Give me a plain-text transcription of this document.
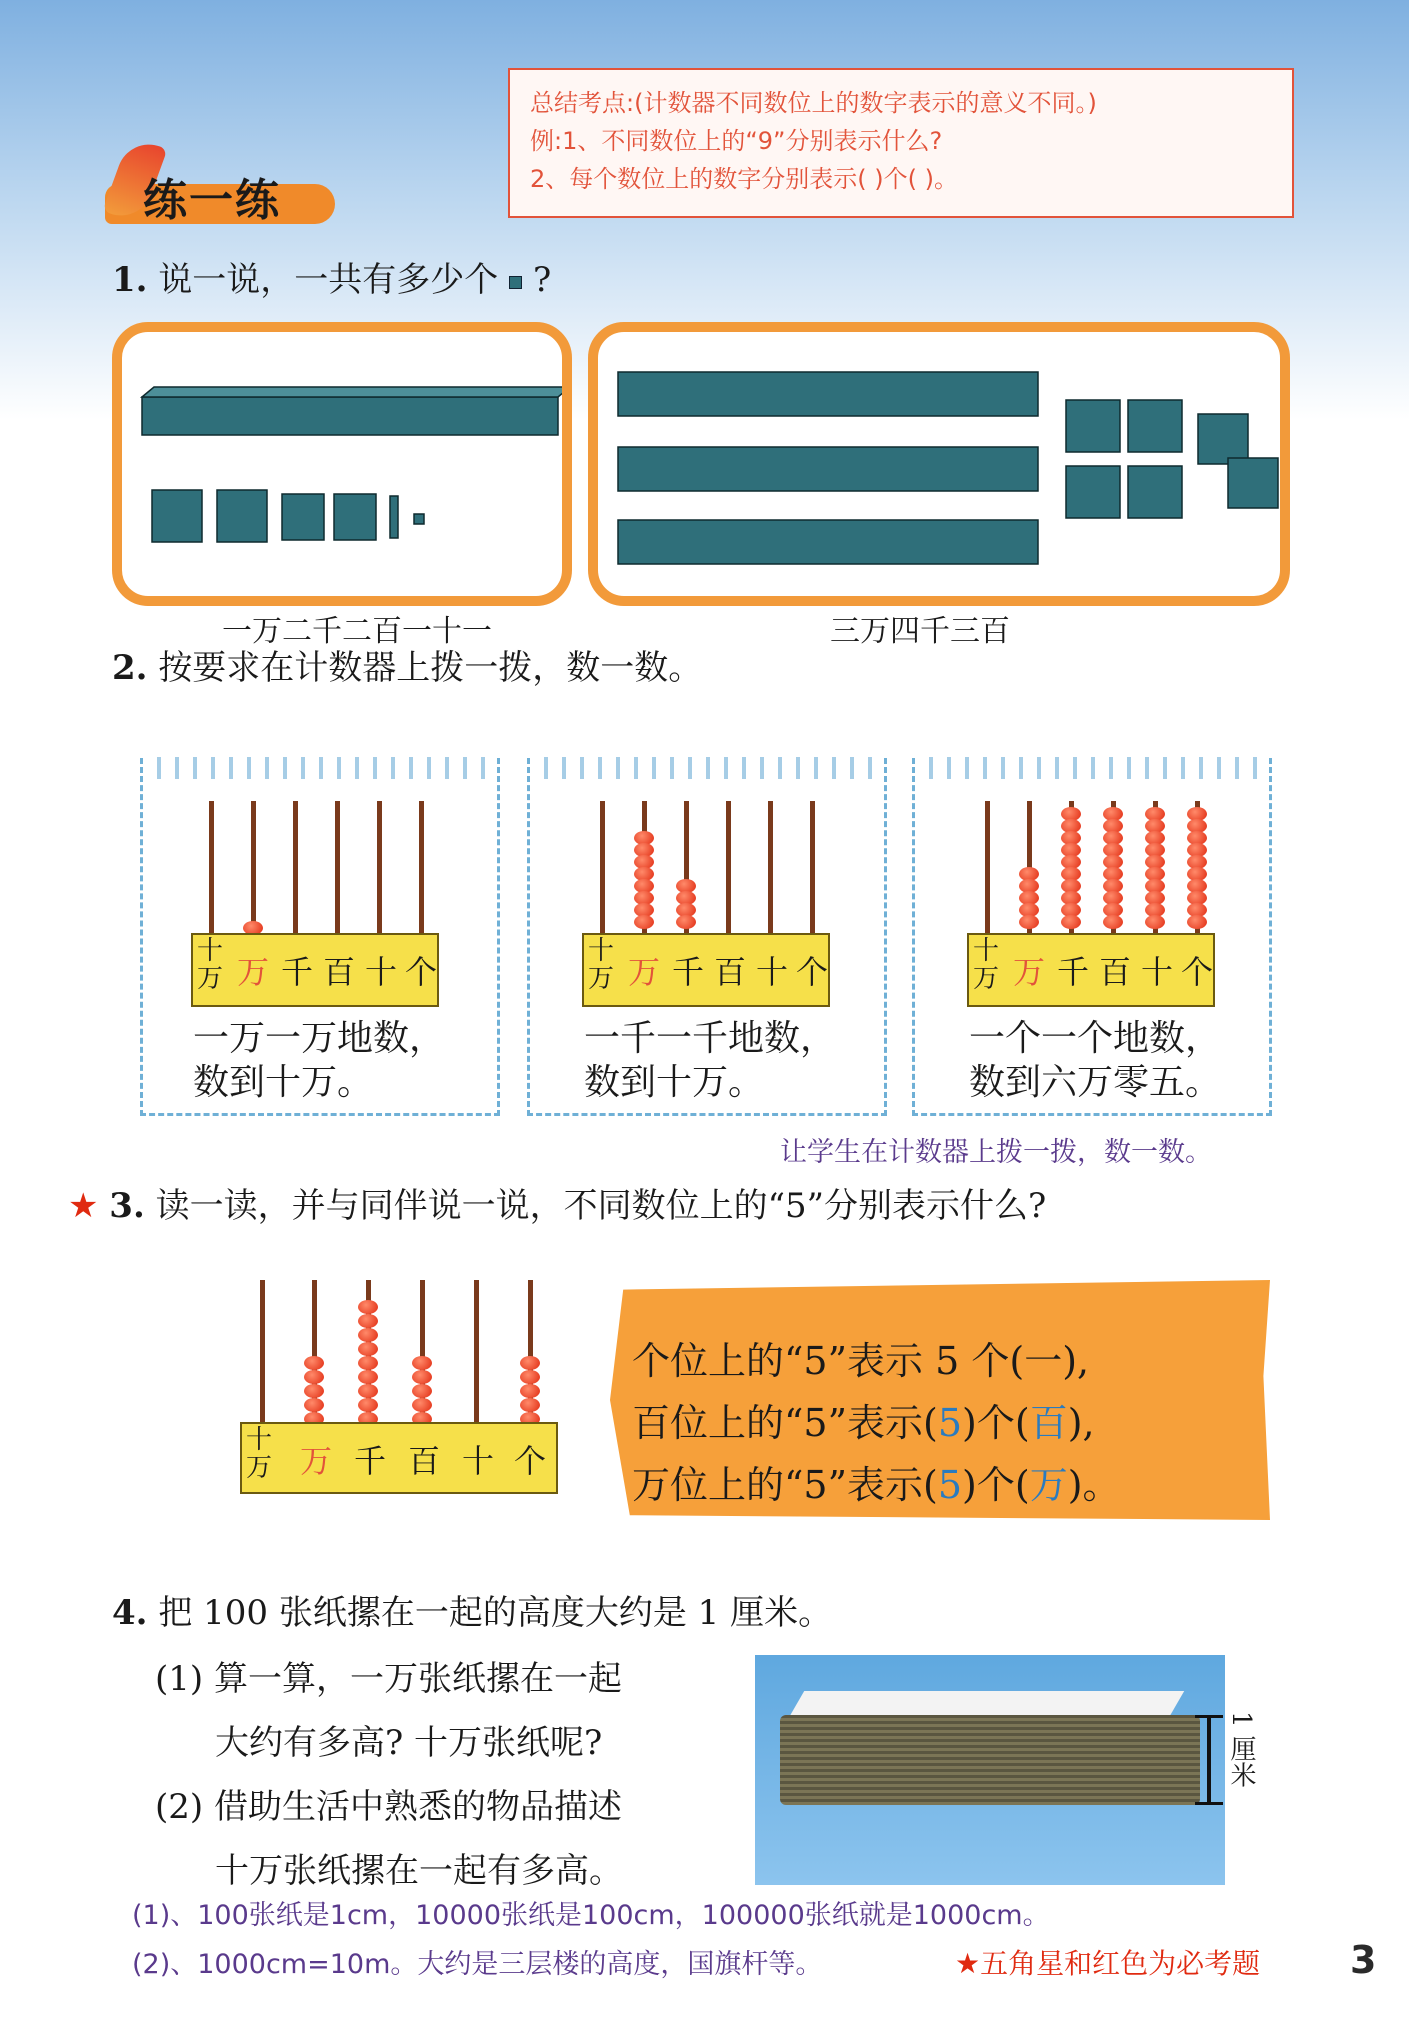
总结考点:(计数器不同数位上的数字表示的意义不同。)
例:1、不同数位上的“9”分别表示什么?
2、每个数位上的数字分别表示( )个( )。
练一练
1. 说一说，一共有多少个 ?
一万二千二百一十一	三万四千三百
2. 按要求在计数器上拨一拨，数一数。
十
万 万 千 百 十 个
一万一万地数，
数到十万。
十
万 万 千 百 十 个
一千一千地数，
数到十万。
十
万 万 千 百 十 个
一个一个地数，
数到六万零五。
让学生在计数器上拨一拨，数一数。
★ 3. 读一读，并与同伴说一说，不同数位上的“5”分别表示什么?
十
万 万 千 百 十 个
个位上的“5”表示 5 个(一),
百位上的“5”表示(5)个(百),
万位上的“5”表示(5)个(万)。
4. 把 100 张纸摞在一起的高度大约是 1 厘米。
(1) 算一算，一万张纸摞在一起
大约有多高? 十万张纸呢?
(2) 借助生活中熟悉的物品描述
十万张纸摞在一起有多高。
1 厘米
(1)、100张纸是1cm，10000张纸是100cm，100000张纸就是1000cm。
(2)、1000cm=10m。大约是三层楼的高度，国旗杆等。	★五角星和红色为必考题 3
